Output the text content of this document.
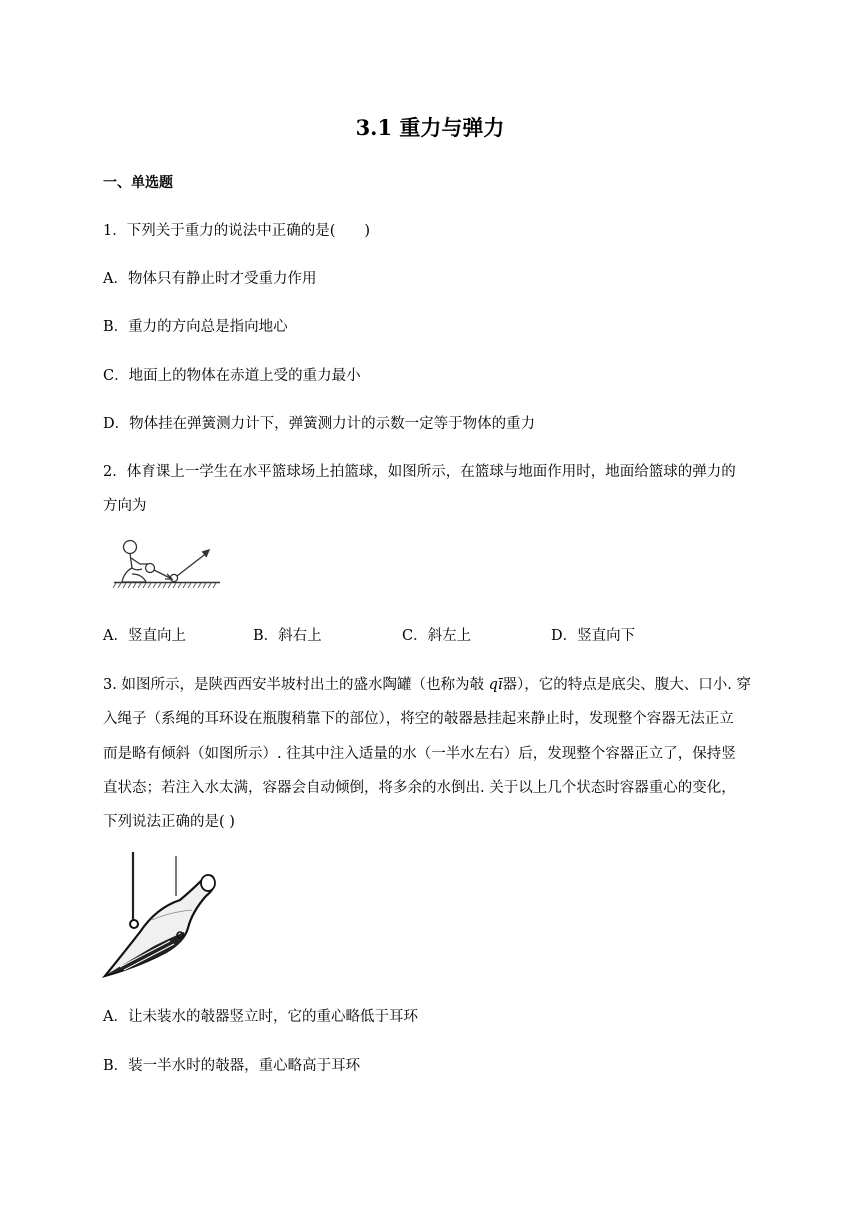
3.1 重力与弹力
一、单选题
1．下列关于重力的说法中正确的是(　　)
A．物体只有静止时才受重力作用
B．重力的方向总是指向地心
C．地面上的物体在赤道上受的重力最小
D．物体挂在弹簧测力计下，弹簧测力计的示数一定等于物体的重力
2．体育课上一学生在水平篮球场上拍篮球，如图所示，在篮球与地面作用时，地面给篮球的弹力的
方向为
A．竖直向上	B．斜右上	C．斜左上	D．竖直向下
3. 如图所示，是陕西西安半坡村出土的盛水陶罐（也称为攲 qī器），它的特点是底尖、腹大、口小. 穿
入绳子（系绳的耳环设在瓶腹稍靠下的部位），将空的攲器悬挂起来静止时，发现整个容器无法正立
而是略有倾斜（如图所示）. 往其中注入适量的水（一半水左右）后，发现整个容器正立了，保持竖
直状态；若注入水太满，容器会自动倾倒，将多余的水倒出. 关于以上几个状态时容器重心的变化，
下列说法正确的是( )
A．让未装水的攲器竖立时，它的重心略低于耳环
B．装一半水时的攲器，重心略高于耳环
